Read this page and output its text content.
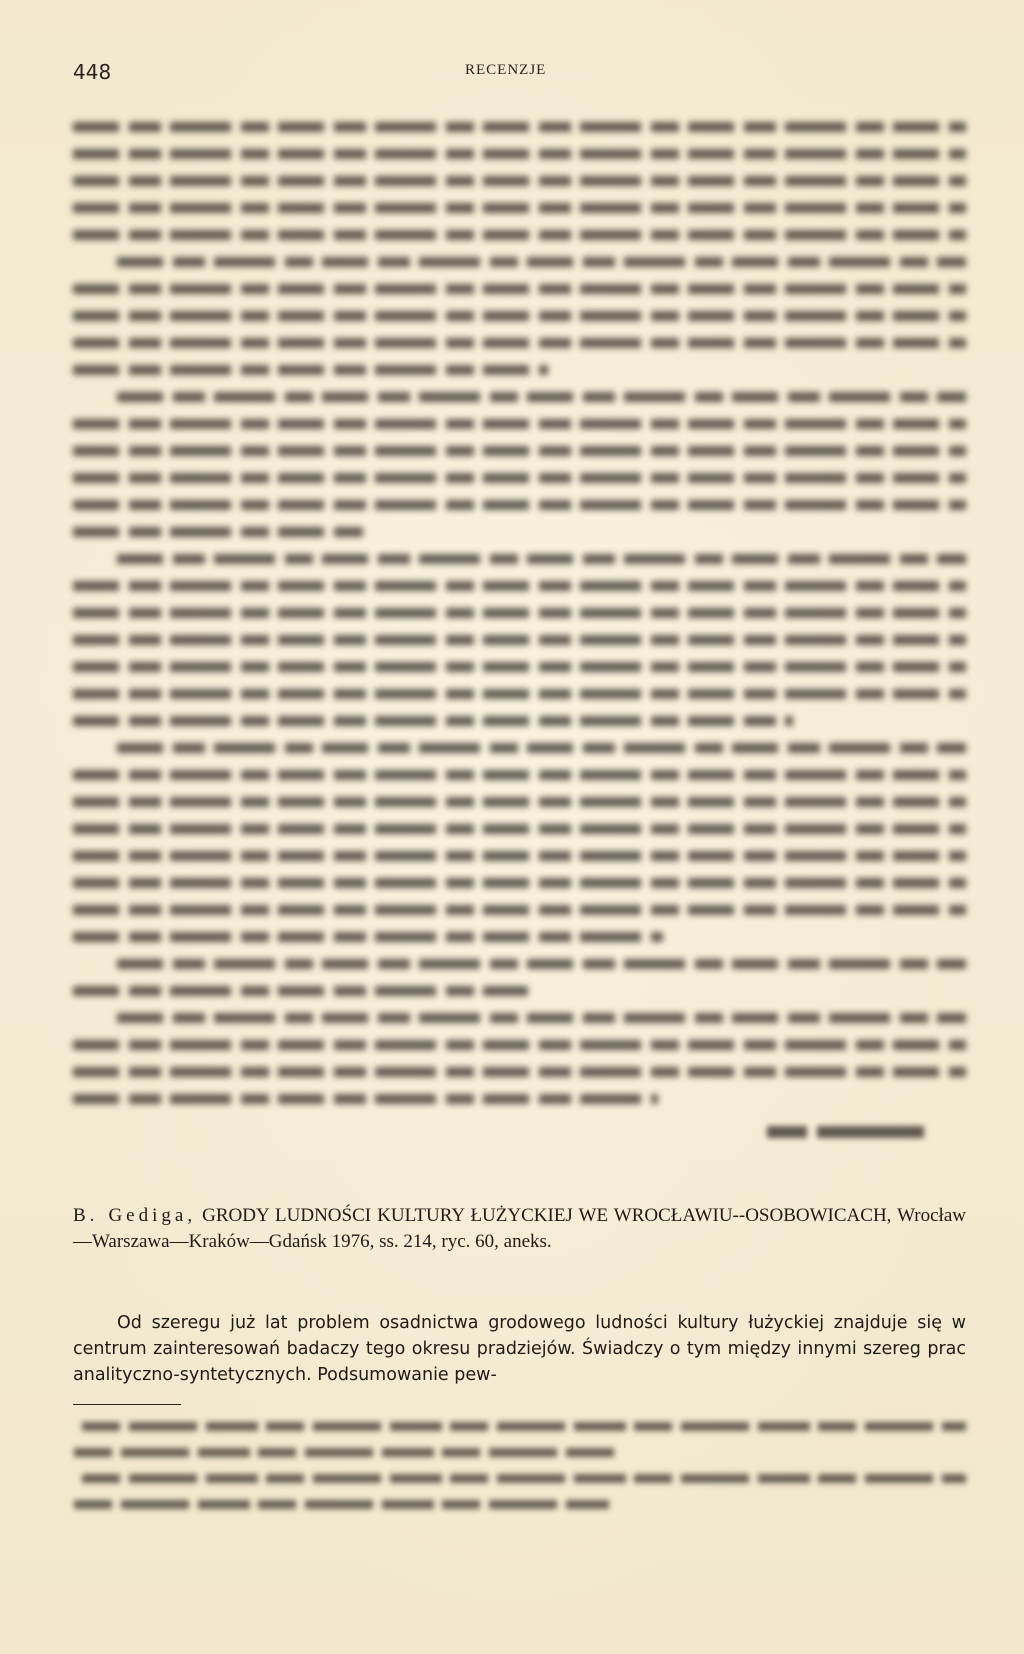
448	RECENZJE
B. Gediga, GRODY LUDNOŚCI KULTURY ŁUŻYCKIEJ WE WROCŁAWIU--OSOBOWICACH, Wrocław—Warszawa—Kraków—Gdańsk 1976, ss. 214, ryc. 60, aneks.

Od szeregu już lat problem osadnictwa grodowego ludności kultury łużyckiej znajduje się w centrum zainteresowań badaczy tego okresu pradziejów. Świadczy o tym między innymi szereg prac analityczno-syntetycznych. Podsumowanie pew-
